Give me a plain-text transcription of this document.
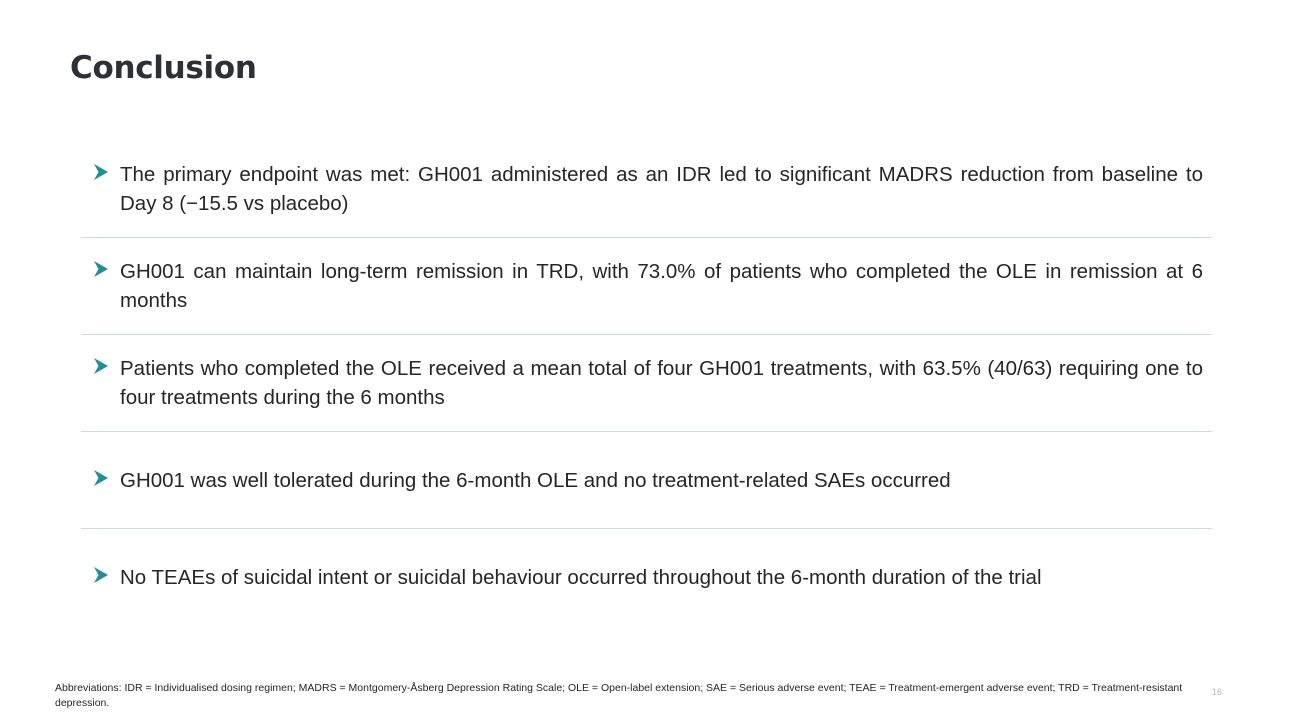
Conclusion
The primary endpoint was met: GH001 administered as an IDR led to significant MADRS reduction from baseline to Day 8 (−15.5 vs placebo)
GH001 can maintain long-term remission in TRD, with 73.0% of patients who completed the OLE in remission at 6 months
Patients who completed the OLE received a mean total of four GH001 treatments, with 63.5% (40/63) requiring one to four treatments during the 6 months
GH001 was well tolerated during the 6-month OLE and no treatment-related SAEs occurred
No TEAEs of suicidal intent or suicidal behaviour occurred throughout the 6-month duration of the trial

Abbreviations: IDR = Individualised dosing regimen; MADRS = Montgomery-Åsberg Depression Rating Scale; OLE = Open-label extension; SAE = Serious adverse event; TEAE = Treatment-emergent adverse event; TRD = Treatment-resistant depression.

16
